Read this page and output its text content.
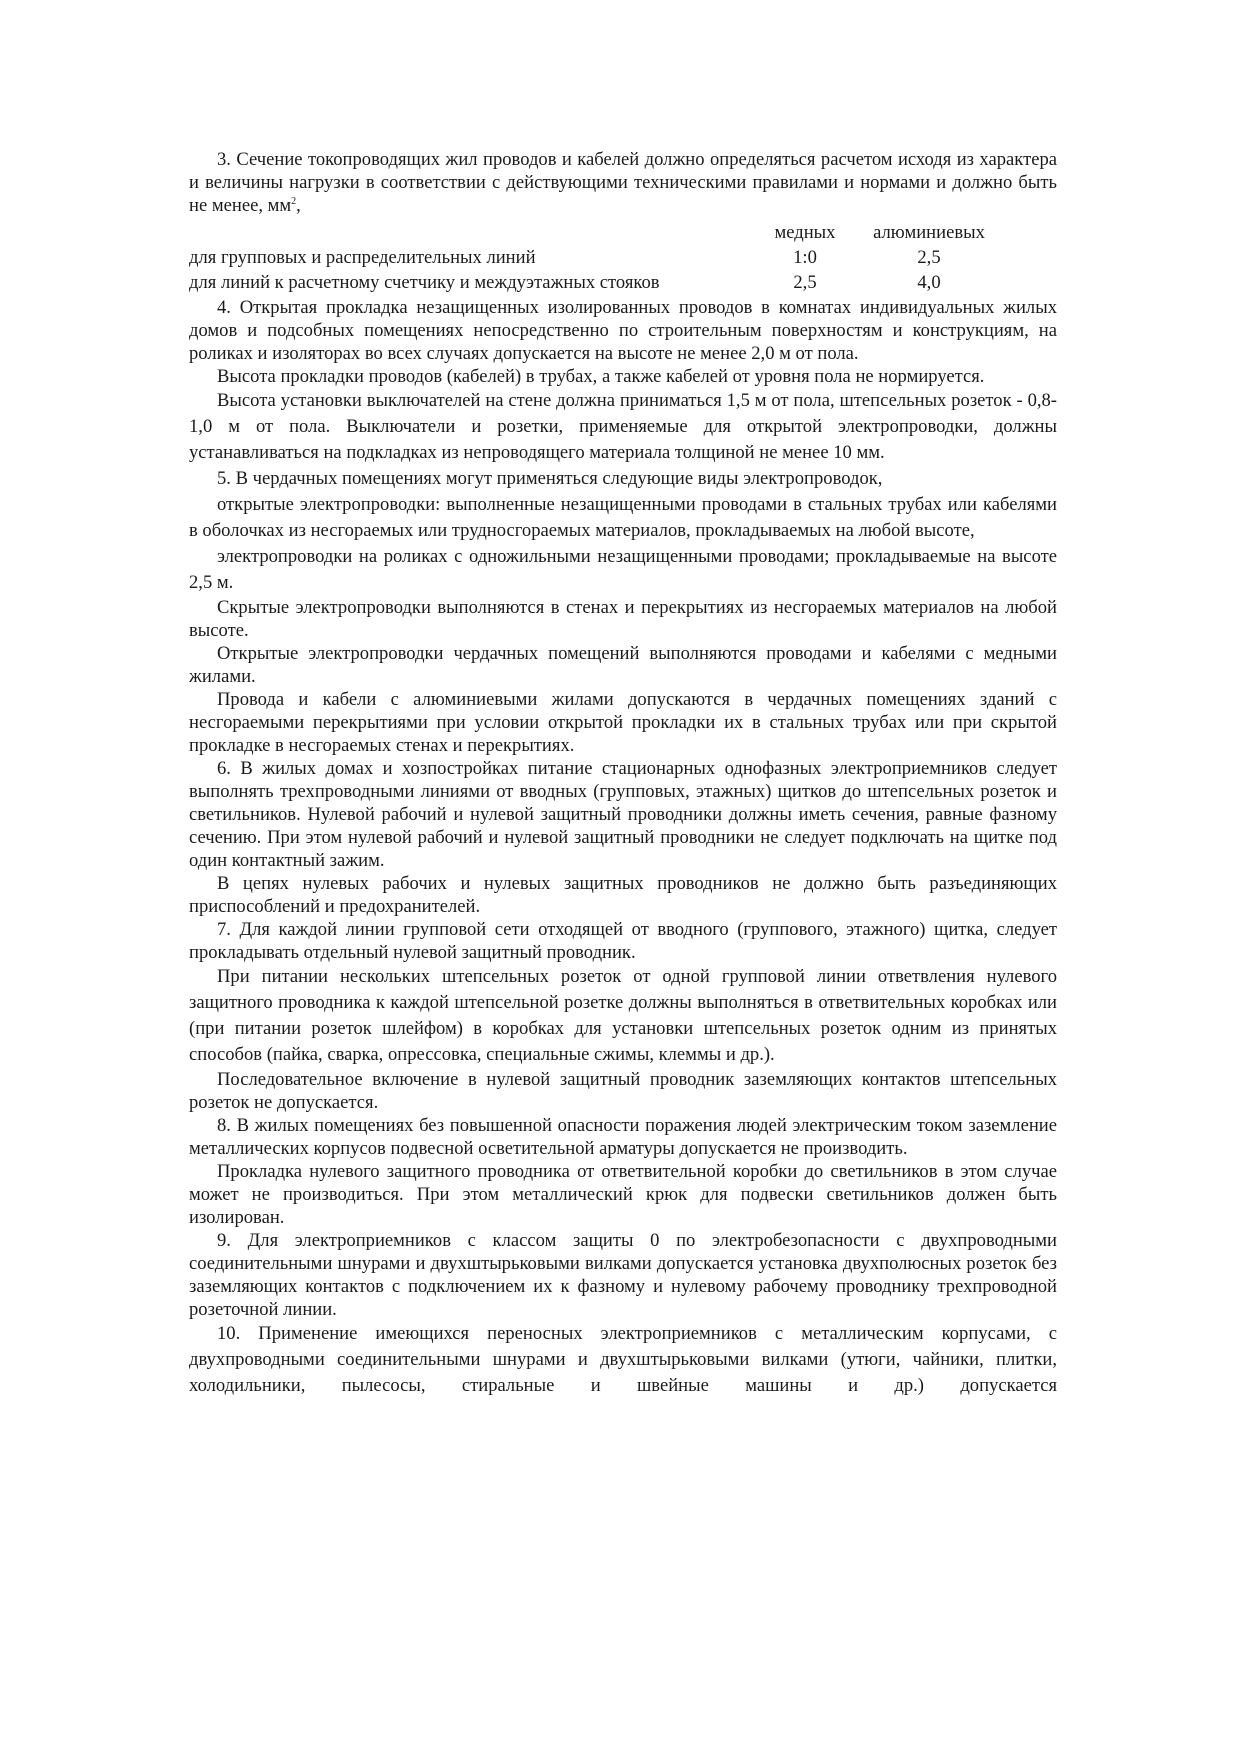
3. Сечение токопроводящих жил проводов и кабелей должно определяться расчетом исходя из характера и величины нагрузки в соответствии с действующими техническими правилами и нормами и должно быть не менее, $мм^2$,

	медных	алюминиевых	
для групповых и распределительных линий	1:0	2,5	
для линий к расчетному счетчику и междуэтажных стояков	2,5	4,0	

4. Открытая прокладка незащищенных изолированных проводов в комнатах индивидуальных жилых домов и подсобных помещениях непосредственно по строительным поверхностям и конструкциям, на роликах и изоляторах во всех случаях допускается на высоте не менее 2,0 м от пола.

Высота прокладки проводов (кабелей) в трубах, а также кабелей от уровня пола не нормируется.

Высота установки выключателей на стене должна приниматься 1,5 м от пола, штепсельных розеток - 0,8-1,0 м от пола. Выключатели и розетки, применяемые для открытой электропроводки, должны устанавливаться на подкладках из непроводящего материала толщиной не менее 10 мм.

5. В чердачных помещениях могут применяться следующие виды электропроводок,

открытые электропроводки: выполненные незащищенными проводами в стальных трубах или кабелями в оболочках из несгораемых или трудносгораемых материалов, прокладываемых на любой высоте,

электропроводки на роликах с одножильными незащищенными проводами; прокладываемые на высоте 2,5 м.

Скрытые электропроводки выполняются в стенах и перекрытиях из несгораемых материалов на любой высоте.

Открытые электропроводки чердачных помещений выполняются проводами и кабелями с медными жилами.

Провода и кабели с алюминиевыми жилами допускаются в чердачных помещениях зданий с несгораемыми перекрытиями при условии открытой прокладки их в стальных трубах или при скрытой прокладке в несгораемых стенах и перекрытиях.

6. В жилых домах и хозпостройках питание стационарных однофазных электроприемников следует выполнять трехпроводными линиями от вводных (групповых, этажных) щитков до штепсельных розеток и светильников. Нулевой рабочий и нулевой защитный проводники должны иметь сечения, равные фазному сечению. При этом нулевой рабочий и нулевой защитный проводники не следует подключать на щитке под один контактный зажим.

В цепях нулевых рабочих и нулевых защитных проводников не должно быть разъединяющих приспособлений и предохранителей.

7. Для каждой линии групповой сети отходящей от вводного (группового, этажного) щитка, следует прокладывать отдельный нулевой защитный проводник.

При питании нескольких штепсельных розеток от одной групповой линии ответвления нулевого защитного проводника к каждой штепсельной розетке должны выполняться в ответвительных коробках или (при питании розеток шлейфом) в коробках для установки штепсельных розеток одним из принятых способов (пайка, сварка, опрессовка, специальные сжимы, клеммы и др.).

Последовательное включение в нулевой защитный проводник заземляющих контактов штепсельных розеток не допускается.

8. В жилых помещениях без повышенной опасности поражения людей электрическим током заземление металлических корпусов подвесной осветительной арматуры допускается не производить.

Прокладка нулевого защитного проводника от ответвительной коробки до светильников в этом случае может не производиться. При этом металлический крюк для подвески светильников должен быть изолирован.

9. Для электроприемников с классом защиты 0 по электробезопасности с двухпроводными соединительными шнурами и двухштырьковыми вилками допускается установка двухполюсных розеток без заземляющих контактов с подключением их к фазному и нулевому рабочему проводнику трехпроводной розеточной линии.

10. Применение имеющихся переносных электроприемников с металлическим корпусами, с двухпроводными соединительными шнурами и двухштырьковыми вилками (утюги, чайники, плитки, холодильники, пылесосы, стиральные и швейные машины и др.) допускается
